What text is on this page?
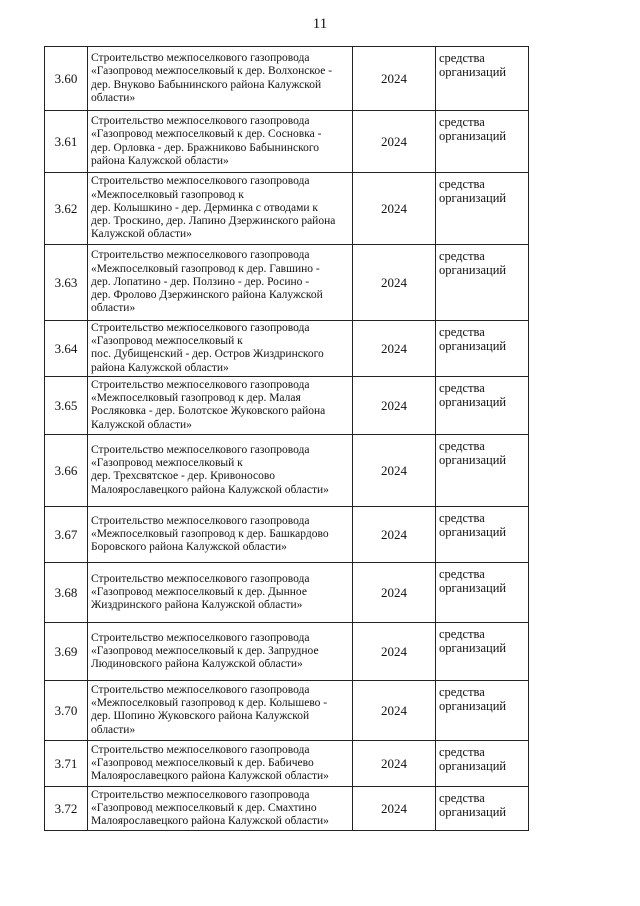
11
3.60	Строительство межпоселкового газопровода
«Газопровод межпоселковый к дер. Волхонское -
дер. Внуково Бабынинского района Калужской
области»	2024	средства
организаций

3.61	Строительство межпоселкового газопровода
«Газопровод межпоселковый к дер. Сосновка -
дер. Орловка - дер. Бражниково Бабынинского
района Калужской области»	2024	средства
организаций

3.62	Строительство межпоселкового газопровода
«Межпоселковый газопровод к
дер. Колышкино - дер. Дерминка с отводами к
дер. Троскино, дер. Лапино Дзержинского района
Калужской области»	2024	средства
организаций

3.63	Строительство межпоселкового газопровода
«Межпоселковый газопровод к дер. Гавшино -
дер. Лопатино - дер. Ползино - дер. Росино -
дер. Фролово Дзержинского района Калужской
области»	2024	средства
организаций

3.64	Строительство межпоселкового газопровода
«Газопровод межпоселковый к
пос. Дубищенский - дер. Остров Жиздринского
района Калужской области»	2024	средства
организаций

3.65	Строительство межпоселкового газопровода
«Межпоселковый газопровод к дер. Малая
Росляковка - дер. Болотское Жуковского района
Калужской области»	2024	средства
организаций

3.66	Строительство межпоселкового газопровода
«Газопровод межпоселковый к
дер. Трехсвятское - дер. Кривоносово
Малоярославецкого района Калужской области»	2024	средства
организаций

3.67	Строительство межпоселкового газопровода
«Межпоселковый газопровод к дер. Башкардово
Боровского района Калужской области»	2024	средства
организаций

3.68	Строительство межпоселкового газопровода
«Газопровод межпоселковый к дер. Дынное
Жиздринского района Калужской области»	2024	средства
организаций

3.69	Строительство межпоселкового газопровода
«Газопровод межпоселковый к дер. Запрудное
Людиновского района Калужской области»	2024	средства
организаций

3.70	Строительство межпоселкового газопровода
«Межпоселковый газопровод к дер. Колышево -
дер. Шопино Жуковского района Калужской
области»	2024	средства
организаций

3.71	Строительство межпоселкового газопровода
«Газопровод межпоселковый к дер. Бабичево
Малоярославецкого района Калужской области»	2024	средства
организаций

3.72	Строительство межпоселкового газопровода
«Газопровод межпоселковый к дер. Смахтино
Малоярославецкого района Калужской области»	2024	средства
организаций
